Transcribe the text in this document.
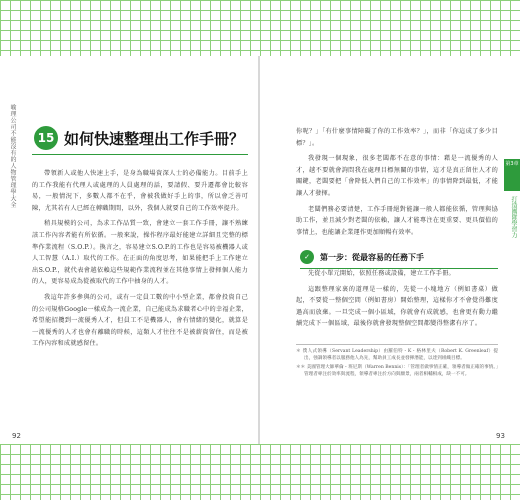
喻理公司不能沒有的人物管理學大全	15 如何快速整理出工作手冊？

帶領新人或他人快速上手，是身為職場資深人士的必備能力。目前手上的工作我能有代理人或處理的人員處理的話，要請假、要升遷都會比較容易，一般情況下，多數人都不在乎，會被我做好手上的事，所以會乏善可陳，尤其若有人已經在轉職期間，以外，我個人就要自己的工作效率提升。

稍具規模的公司，為求工作品質一致，會建立一套工作手冊，讓不熟練該工作內容者能有所依循。一般來說，操作程序最好能建立詳細且完整的標準作業流程（S.O.P.）。換言之，容易建立S.O.P.的工作也是容易被機器人或人工智慧（A.I.）取代的工作。在正面的角度思考，如果能把手上工作建立出S.O.P.，就代表會越依賴這些規範作業流程並在其他事情上發揮個人能力的人，更容易成為從被取代的工作中抽身的人才。

我這年許多參與的公司，或有一定員工數的中小型企業，都會投資自己的公司規格Google一樣成為一流企業，自己能成為求職者心中的幸福企業，希望能招攬到一流優秀人才，但員工不是機器人，會有情緒的變化，就算是一流優秀的人才也會有離職的時候，這類人才往往不是被薪資留住，而是被工作內容和成就感留住。

第3章
打造團隊學習力

你呢？」「有什麼事情障礙了你的工作效率？」，而非「你這成了多少目標？」。

我發現一個現象，很多老闆都不在意的事情：藉是一流優秀的人才，越不要就會詢問我在處理目標無關的事情，這才是真正留住人才的關鍵，老闆要把「會降低人們自己的工作效率」的事情降到最低，才能讓人才發揮。

老闆們務必要清楚，工作手冊絕對能讓一般人都能依循，管理與協助工作，並且減少對老闆的依賴，讓人才能專注在更重要、更具價值的事情上，也能讓企業運作更加順暢有效率。

先從小單元開始，依照任務或設備，建立工作手冊。

這跟整理家裏的道理是一樣的，先從一小塊地方（例如書桌）做起，不要從一整個空間（例如書房）開始整理，這樣你才不會覺得難度過高而放棄。一旦完成一個小區域，你就會有成就感，也會更有動力繼續完成下一個區域，最後你就會發現整個空間都變得整潔有序了。

✓	第一步：從最容易的任務下手

＊ 僕人式領導（Servant Leadership）由羅伯特・K・格林里夫（Robert K. Greenleaf）提出，強調領導者以服務他人為先，幫助員工成長並發揮潛能，以達到組織目標。

＊＊ 美國管理大師華倫・班尼斯（Warren Bennis）：「管理者做事情正確，領導者做正確的事情。」管理者專注於效率與流程，領導者專注於方向與願景，兩者相輔相成，缺一不可。

92	93
